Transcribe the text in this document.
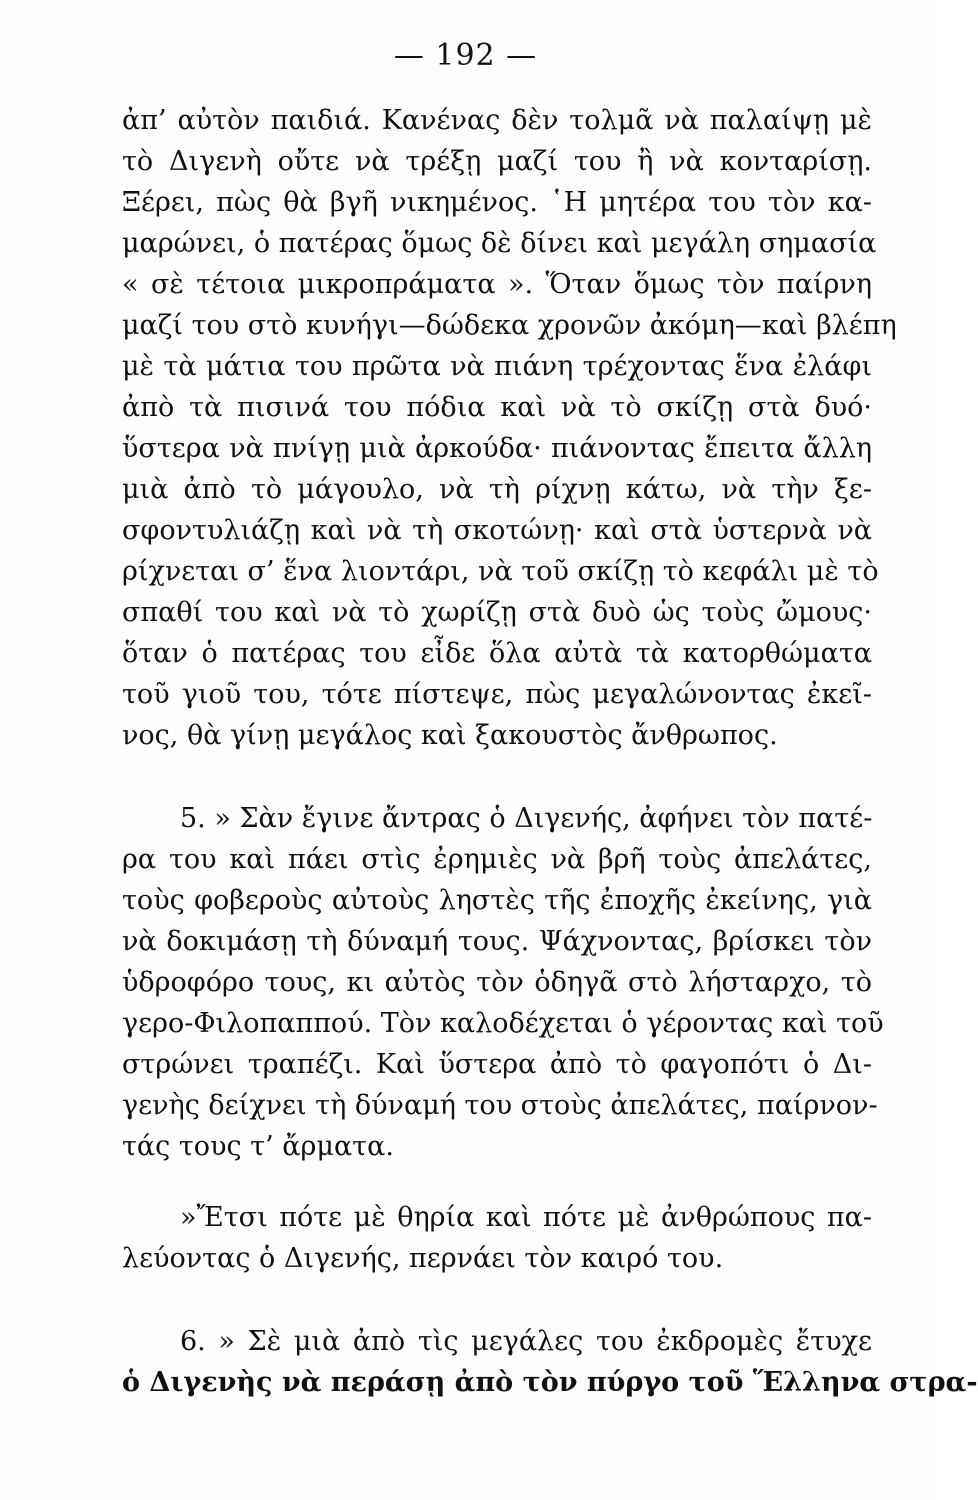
— 192 —
ἀπ’ αὐτὸν παιδιά. Κανένας δὲν τολμᾶ νὰ παλαίψῃ μὲ
τὸ Διγενὴ οὔτε νὰ τρέξῃ μαζί του ἢ νὰ κονταρίσῃ.
Ξέρει, πὼς θὰ βγῆ νικημένος. ῾Η μητέρα του τὸν κα-
μαρώνει, ὁ πατέρας ὅμως δὲ δίνει καὶ μεγάλη σημασία
« σὲ τέτοια μικροπράματα ». Ὅταν ὅμως τὸν παίρνη
μαζί του στὸ κυνήγι—δώδεκα χρονῶν ἀκόμη—καὶ βλέπη
μὲ τὰ μάτια του πρῶτα νὰ πιάνη τρέχοντας ἕνα ἐλάφι
ἀπὸ τὰ πισινά του πόδια καὶ νὰ τὸ σκίζῃ στὰ δυό·
ὕστερα νὰ πνίγῃ μιὰ ἀρκούδα· πιάνοντας ἔπειτα ἄλλη
μιὰ ἀπὸ τὸ μάγουλο, νὰ τὴ ρίχνῃ κάτω, νὰ τὴν ξε-
σφοντυλιάζῃ καὶ νὰ τὴ σκοτώνῃ· καὶ στὰ ὑστερνὰ νὰ
ρίχνεται σ’ ἕνα λιοντάρι, νὰ τοῦ σκίζῃ τὸ κεφάλι μὲ τὸ
σπαθί του καὶ νὰ τὸ χωρίζῃ στὰ δυὸ ὡς τοὺς ὤμους·
ὅταν ὁ πατέρας του εἶδε ὅλα αὐτὰ τὰ κατορθώματα
τοῦ γιοῦ του, τότε πίστεψε, πὼς μεγαλώνοντας ἐκεῖ-
νος, θὰ γίνῃ μεγάλος καὶ ξακουστὸς ἄνθρωπος.
5. » Σὰν ἔγινε ἄντρας ὁ Διγενής, ἀφήνει τὸν πατέ-
ρα του καὶ πάει στὶς ἐρημιὲς νὰ βρῆ τοὺς ἀπελάτες,
τοὺς φοβεροὺς αὐτοὺς ληστὲς τῆς ἐποχῆς ἐκείνης, γιὰ
νὰ δοκιμάσῃ τὴ δύναμή τους. Ψάχνοντας, βρίσκει τὸν
ὑδροφόρο τους, κι αὐτὸς τὸν ὁδηγᾶ στὸ λήσταρχο, τὸ
γερο-Φιλοπαππού. Τὸν καλοδέχεται ὁ γέροντας καὶ τοῦ
στρώνει τραπέζι. Καὶ ὕστερα ἀπὸ τὸ φαγοπότι ὁ Δι-
γενὴς δείχνει τὴ δύναμή του στοὺς ἀπελάτες, παίρνον-
τάς τους τ’ ἄρματα.
»Ἔτσι πότε μὲ θηρία καὶ πότε μὲ ἀνθρώπους πα-
λεύοντας ὁ Διγενής, περνάει τὸν καιρό του.
6. » Σὲ μιὰ ἀπὸ τὶς μεγάλες του ἐκδρομὲς ἔτυχε
ὁ Διγενὴς νὰ περάσῃ ἀπὸ τὸν πύργο τοῦ Ἕλληνα στρα-
